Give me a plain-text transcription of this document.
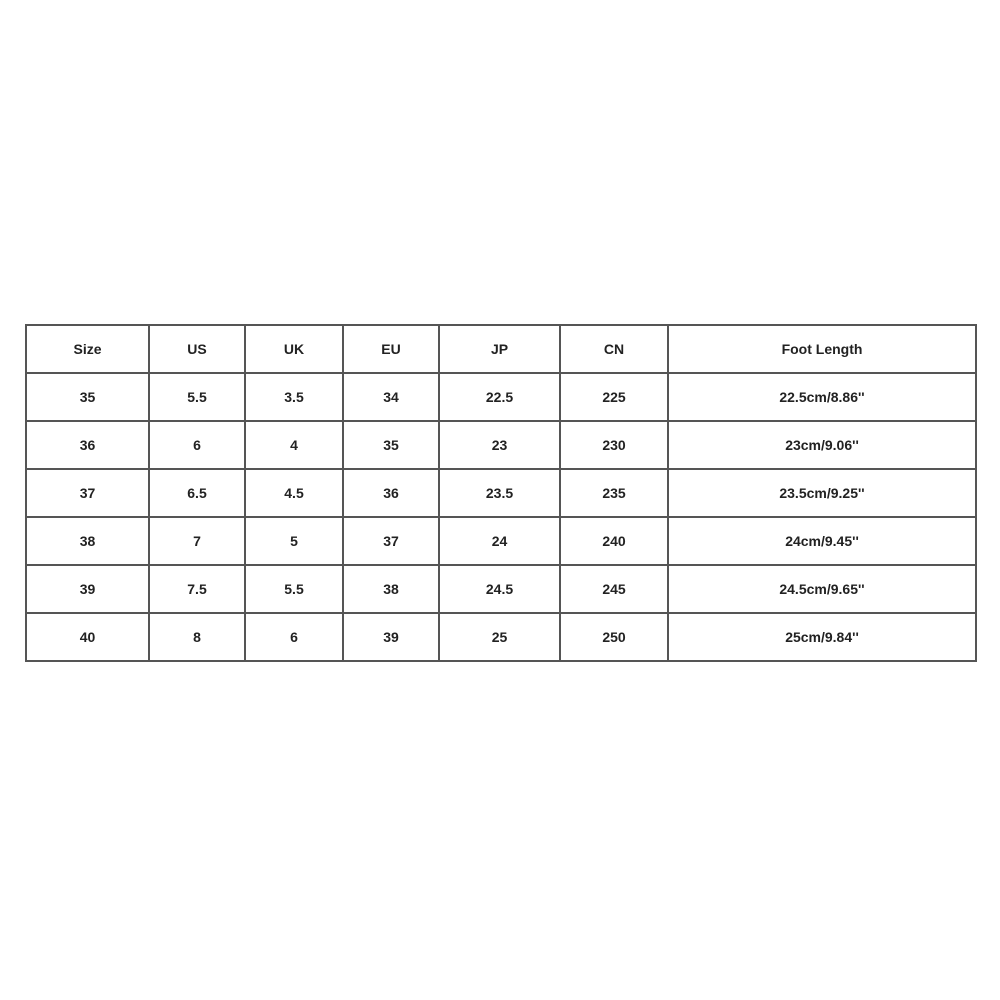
Size	US	UK	EU	JP	CN	Foot Length
35	5.5	3.5	34	22.5	225	22.5cm/8.86''
36	6	4	35	23	230	23cm/9.06''
37	6.5	4.5	36	23.5	235	23.5cm/9.25''
38	7	5	37	24	240	24cm/9.45''
39	7.5	5.5	38	24.5	245	24.5cm/9.65''
40	8	6	39	25	250	25cm/9.84''
